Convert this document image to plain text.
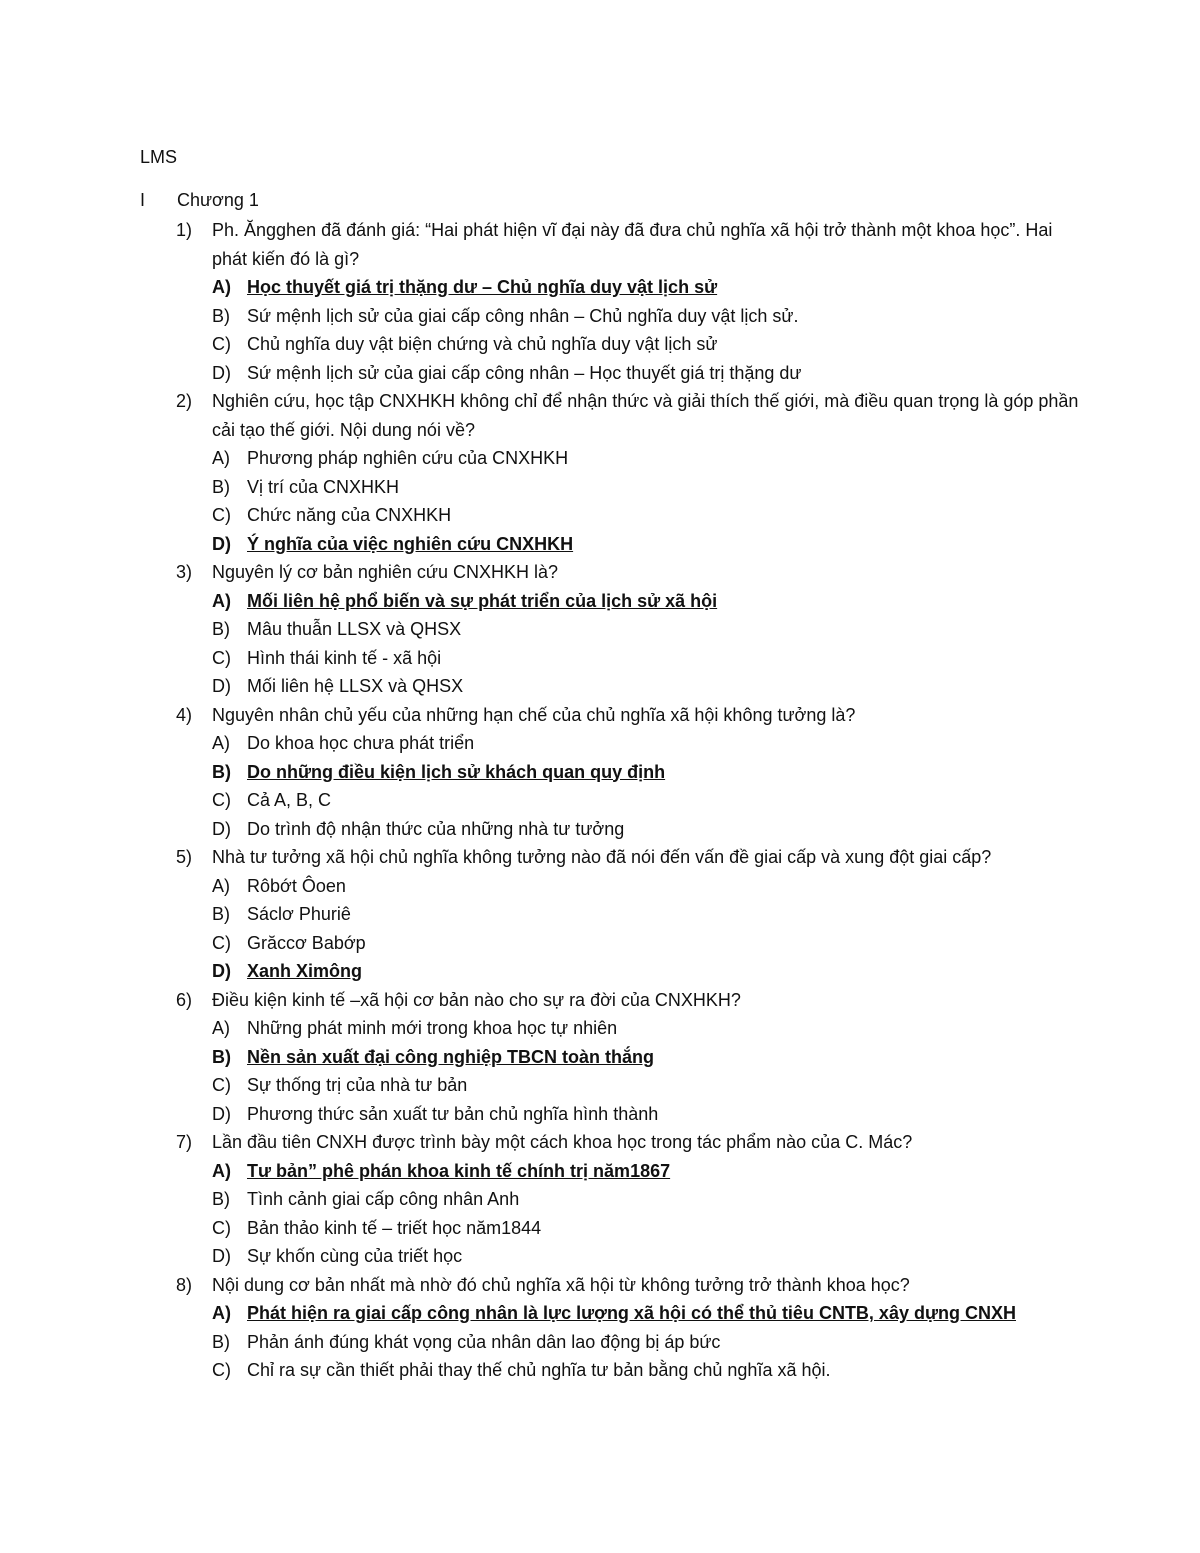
LMS
I Chương 1
1)	Ph. Ăngghen đã đánh giá: “Hai phát hiện vĩ đại này đã đưa chủ nghĩa xã hội trở thành một khoa học”. Hai phát kiến đó là gì?
A) Học thuyết giá trị thặng dư – Chủ nghĩa duy vật lịch sử
B) Sứ mệnh lịch sử của giai cấp công nhân – Chủ nghĩa duy vật lịch sử.
C) Chủ nghĩa duy vật biện chứng và chủ nghĩa duy vật lịch sử
D) Sứ mệnh lịch sử của giai cấp công nhân – Học thuyết giá trị thặng dư
2)	Nghiên cứu, học tập CNXHKH không chỉ để nhận thức và giải thích thế giới, mà điều quan trọng là góp phần cải tạo thế giới. Nội dung nói về?
A) Phương pháp nghiên cứu của CNXHKH
B) Vị trí của CNXHKH
C) Chức năng của CNXHKH
D) Ý nghĩa của việc nghiên cứu CNXHKH
3)	Nguyên lý cơ bản nghiên cứu CNXHKH là?
A) Mối liên hệ phổ biến và sự phát triển của lịch sử xã hội
B) Mâu thuẫn LLSX và QHSX
C) Hình thái kinh tế - xã hội
D) Mối liên hệ LLSX và QHSX
4)	Nguyên nhân chủ yếu của những hạn chế của chủ nghĩa xã hội không tưởng là?
A) Do khoa học chưa phát triển
B) Do những điều kiện lịch sử khách quan quy định
C) Cả A, B, C
D) Do trình độ nhận thức của những nhà tư tưởng
5)	Nhà tư tưởng xã hội chủ nghĩa không tưởng nào đã nói đến vấn đề giai cấp và xung đột giai cấp?
A) Rôbớt Ôoen
B) Sáclơ Phuriê
C) Grăccơ Babớp
D) Xanh Ximông
6)	Điều kiện kinh tế –xã hội cơ bản nào cho sự ra đời của CNXHKH?
A) Những phát minh mới trong khoa học tự nhiên
B) Nền sản xuất đại công nghiệp TBCN toàn thắng
C) Sự thống trị của nhà tư bản
D) Phương thức sản xuất tư bản chủ nghĩa hình thành
7)	Lần đầu tiên CNXH được trình bày một cách khoa học trong tác phẩm nào của C. Mác?
A) Tư bản” phê phán khoa kinh tế chính trị năm1867
B) Tình cảnh giai cấp công nhân Anh
C) Bản thảo kinh tế – triết học năm1844
D) Sự khốn cùng của triết học
8)	Nội dung cơ bản nhất mà nhờ đó chủ nghĩa xã hội từ không tưởng trở thành khoa học?
A) Phát hiện ra giai cấp công nhân là lực lượng xã hội có thể thủ tiêu CNTB, xây dựng CNXH
B) Phản ánh đúng khát vọng của nhân dân lao động bị áp bức
C) Chỉ ra sự cần thiết phải thay thế chủ nghĩa tư bản bằng chủ nghĩa xã hội.
